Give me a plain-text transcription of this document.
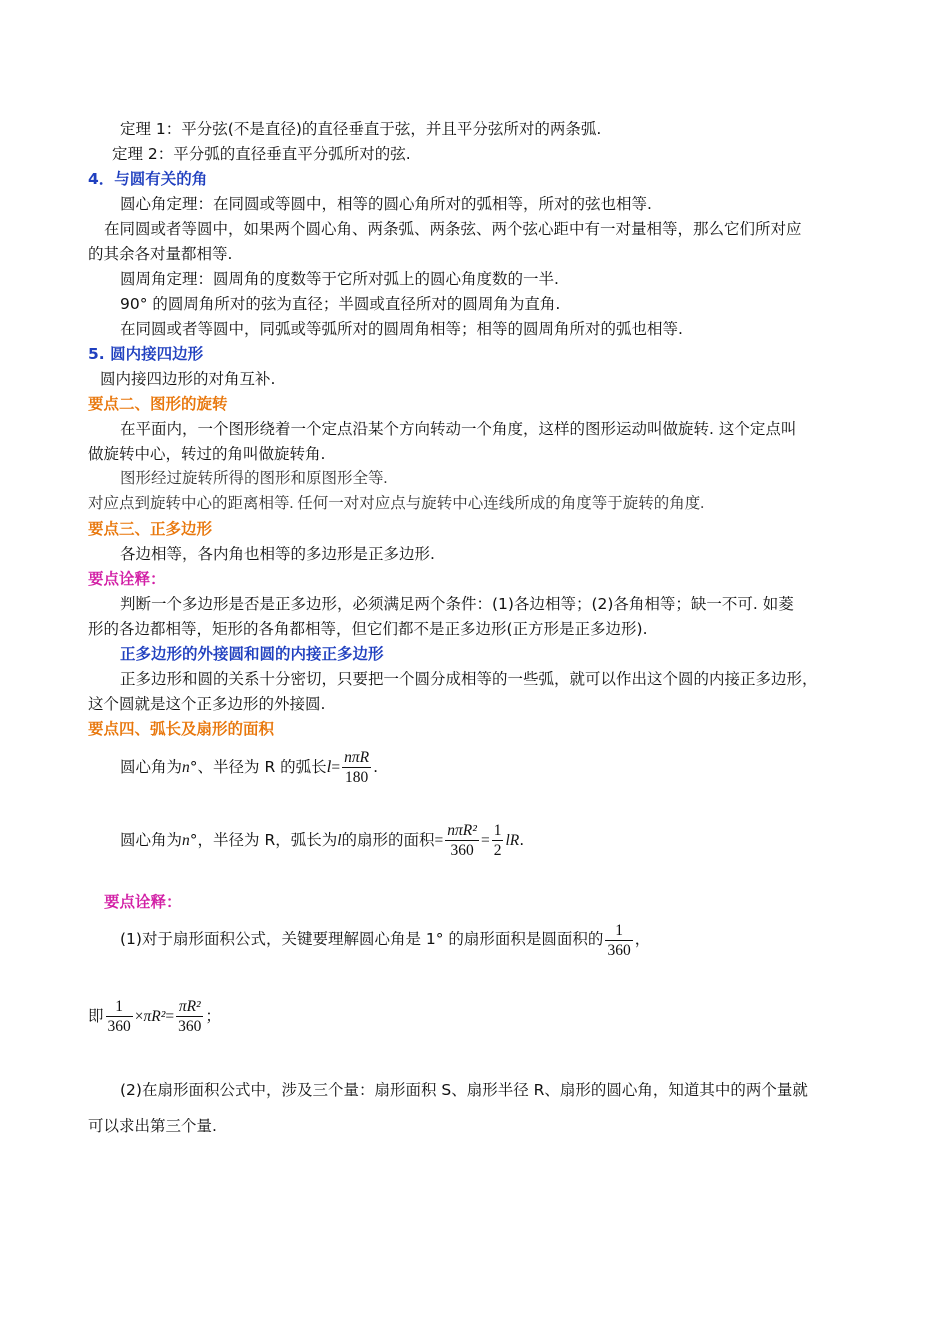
定理 1：平分弦(不是直径)的直径垂直于弦，并且平分弦所对的两条弧.
定理 2：平分弧的直径垂直平分弧所对的弦.
4．与圆有关的角
圆心角定理：在同圆或等圆中，相等的圆心角所对的弧相等，所对的弦也相等.
在同圆或者等圆中，如果两个圆心角、两条弧、两条弦、两个弦心距中有一对量相等，那么它们所对应
的其余各对量都相等.
圆周角定理：圆周角的度数等于它所对弧上的圆心角度数的一半.
90° 的圆周角所对的弦为直径；半圆或直径所对的圆周角为直角.
在同圆或者等圆中，同弧或等弧所对的圆周角相等；相等的圆周角所对的弧也相等.
5. 圆内接四边形
圆内接四边形的对角互补.
要点二、图形的旋转
在平面内，一个图形绕着一个定点沿某个方向转动一个角度，这样的图形运动叫做旋转. 这个定点叫
做旋转中心，转过的角叫做旋转角.
图形经过旋转所得的图形和原图形全等.
对应点到旋转中心的距离相等. 任何一对对应点与旋转中心连线所成的角度等于旋转的角度.
要点三、正多边形
各边相等，各内角也相等的多边形是正多边形.
要点诠释：
判断一个多边形是否是正多边形，必须满足两个条件：(1)各边相等；(2)各角相等；缺一不可. 如菱
形的各边都相等，矩形的各角都相等，但它们都不是正多边形(正方形是正多边形).
正多边形的外接圆和圆的内接正多边形
正多边形和圆的关系十分密切，只要把一个圆分成相等的一些弧，就可以作出这个圆的内接正多边形，
这个圆就是这个正多边形的外接圆.
要点四、弧长及扇形的面积
圆心角为n°、半径为 R 的弧长$l= \frac{\text{nπR}}{180}$ .
圆心角为n°，半径为 R，弧长为l的扇形的面积= $\frac{\text{nπR²}}{360} = \frac{1}{2}$ lR.
要点诠释：
(1)对于扇形面积公式，关键要理解圆心角是 1° 的扇形面积是圆面积的 $\frac{1}{360}$ ，
即 $\frac{1}{360} \times\pi R^2= \frac{\text{πR²}}{360}$ ；
(2)在扇形面积公式中，涉及三个量：扇形面积 S、扇形半径 R、扇形的圆心角，知道其中的两个量就
可以求出第三个量.
